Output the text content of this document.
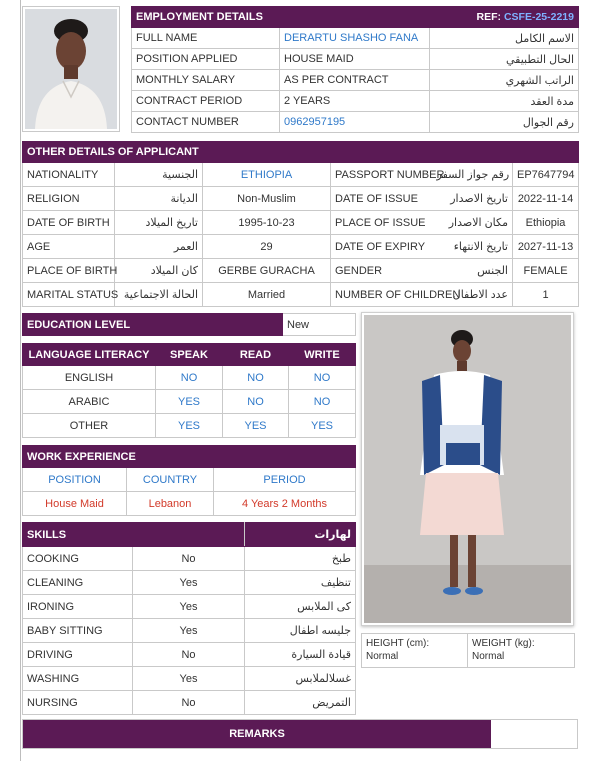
EMPLOYMENT DETAILS	REF: CSFE-25-2219	
FULL NAME	DERARTU SHASHO FANA	الاسم الكامل
POSITION APPLIED	HOUSE MAID	الحال التطبيقي
MONTHLY SALARY	AS PER CONTRACT	الراتب الشهري
CONTRACT PERIOD	2 YEARS	مدة العقد
CONTACT NUMBER	0962957195	رقم الجوال
OTHER DETAILS OF APPLICANT					
NATIONALITY	الجنسية	ETHIOPIA	PASSPORT NUMBER	رقم جواز السفر	EP7647794
RELIGION	الديانة	Non-Muslim	DATE OF ISSUE	تاريخ الاصدار	2022-11-14
DATE OF BIRTH	تاريخ الميلاد	1995-10-23	PLACE OF ISSUE	مكان الاصدار	Ethiopia
AGE	العمر	29	DATE OF EXPIRY	تاريخ الانتهاء	2027-11-13
PLACE OF BIRTH	كان الميلاد	GERBE GURACHA	GENDER	الجنس	FEMALE
MARITAL STATUS	الحالة الاجتماعية	Married	NUMBER OF CHILDREN	عدد الاطفال	1
EDUCATION LEVEL	New
LANGUAGE LITERACY	SPEAK	READ	WRITE
ENGLISH	NO	NO	NO
ARABIC	YES	NO	NO
OTHER	YES	YES	YES
WORK EXPERIENCE		
POSITION	COUNTRY	PERIOD
House Maid	Lebanon	4 Years 2 Months
SKILLS		لهارات
COOKING	No	طبخ
CLEANING	Yes	تنظيف
IRONING	Yes	كى الملابس
BABY SITTING	Yes	جليسه اطفال
DRIVING	No	قيادة السيارة
WASHING	Yes	غسلالملابس
NURSING	No	التمريض
HEIGHT (cm):
Normal

WEIGHT (kg):
Normal
REMARKS
